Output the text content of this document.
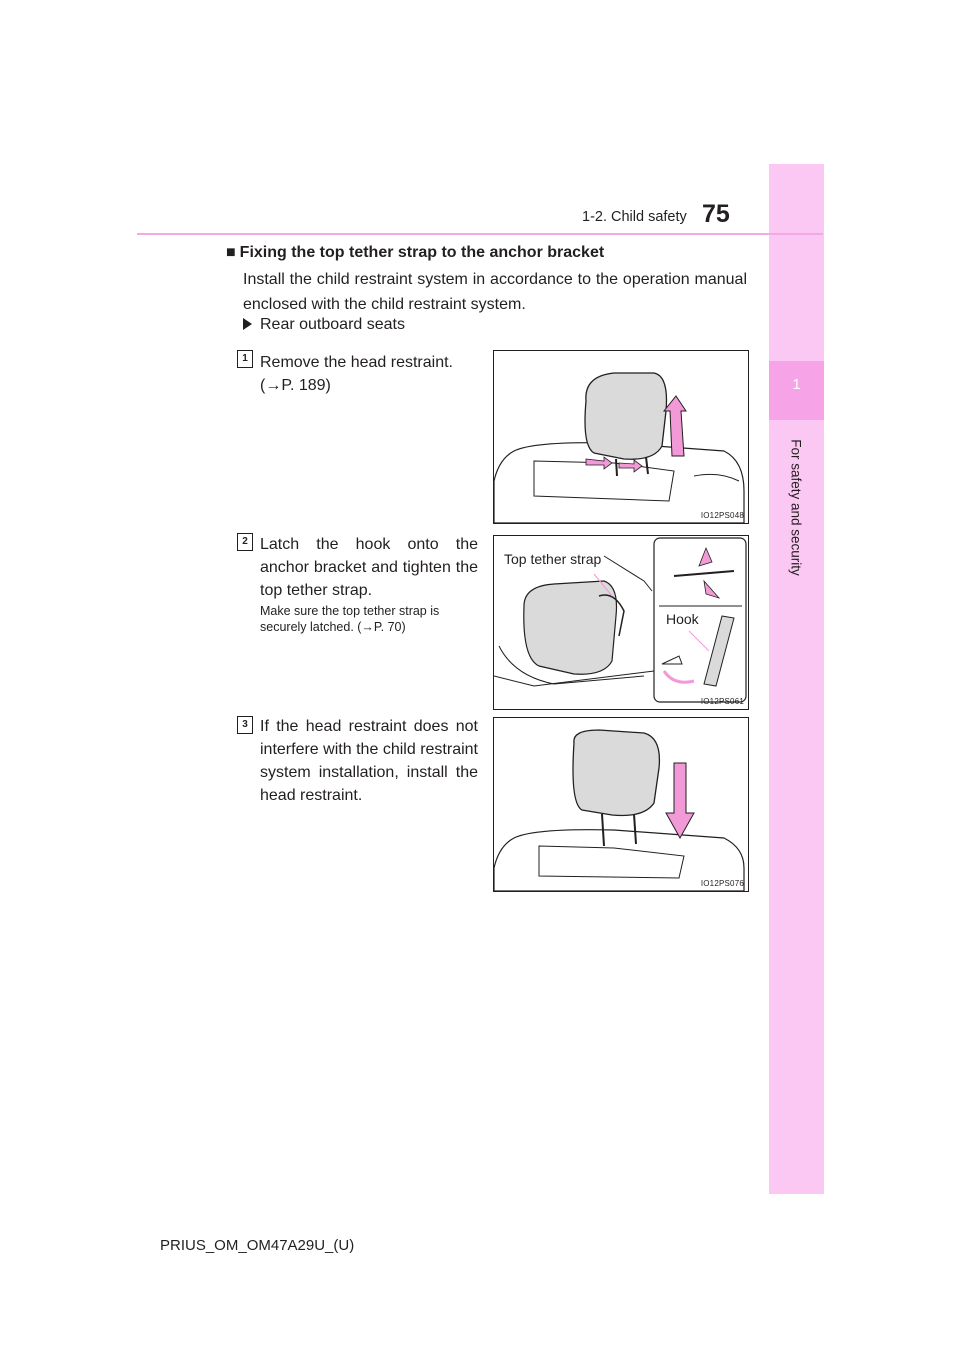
1
For safety and security
1-2. Child safety 75
■ Fixing the top tether strap to the anchor bracket
Install the child restraint system in accordance to the operation manual enclosed with the child restraint system.
Rear outboard seats
1 Remove the head restraint.
(→P. 189)
IO12PS048
2 Latch the hook onto the anchor bracket and tighten the top tether strap.
Make sure the top tether strap is securely latched. (→P. 70)
Top tether strap
Hook
IO12PS061
3 If the head restraint does not interfere with the child restraint system installation, install the head restraint.
IO12PS076
PRIUS_OM_OM47A29U_(U)
